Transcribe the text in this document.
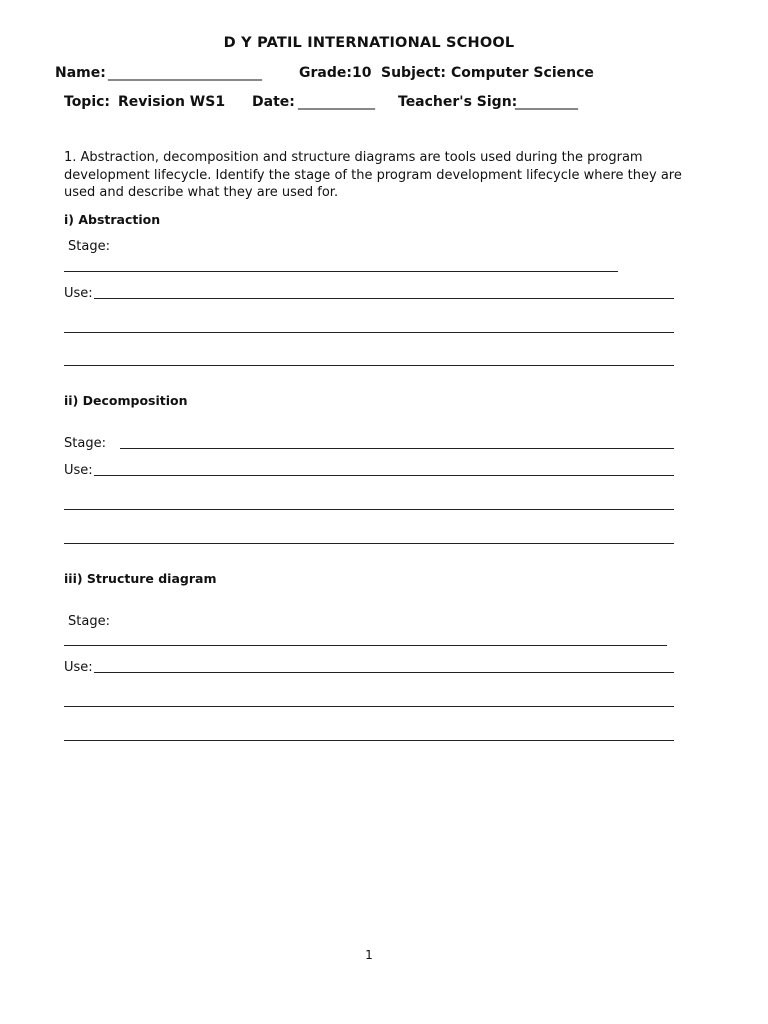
D Y PATIL INTERNATIONAL SCHOOL
Name: ______________________	Grade:10 Subject: Computer Science
Topic: Revision WS1 Date: ___________ Teacher's Sign:
_________
1. Abstraction, decomposition and structure diagrams are tools used during the program development lifecycle. Identify the stage of the program development lifecycle where they are used and describe what they are used for.
i) Abstraction
Stage:
Use:
ii) Decomposition
Stage:
Use:
iii) Structure diagram
Stage:
Use:
1
